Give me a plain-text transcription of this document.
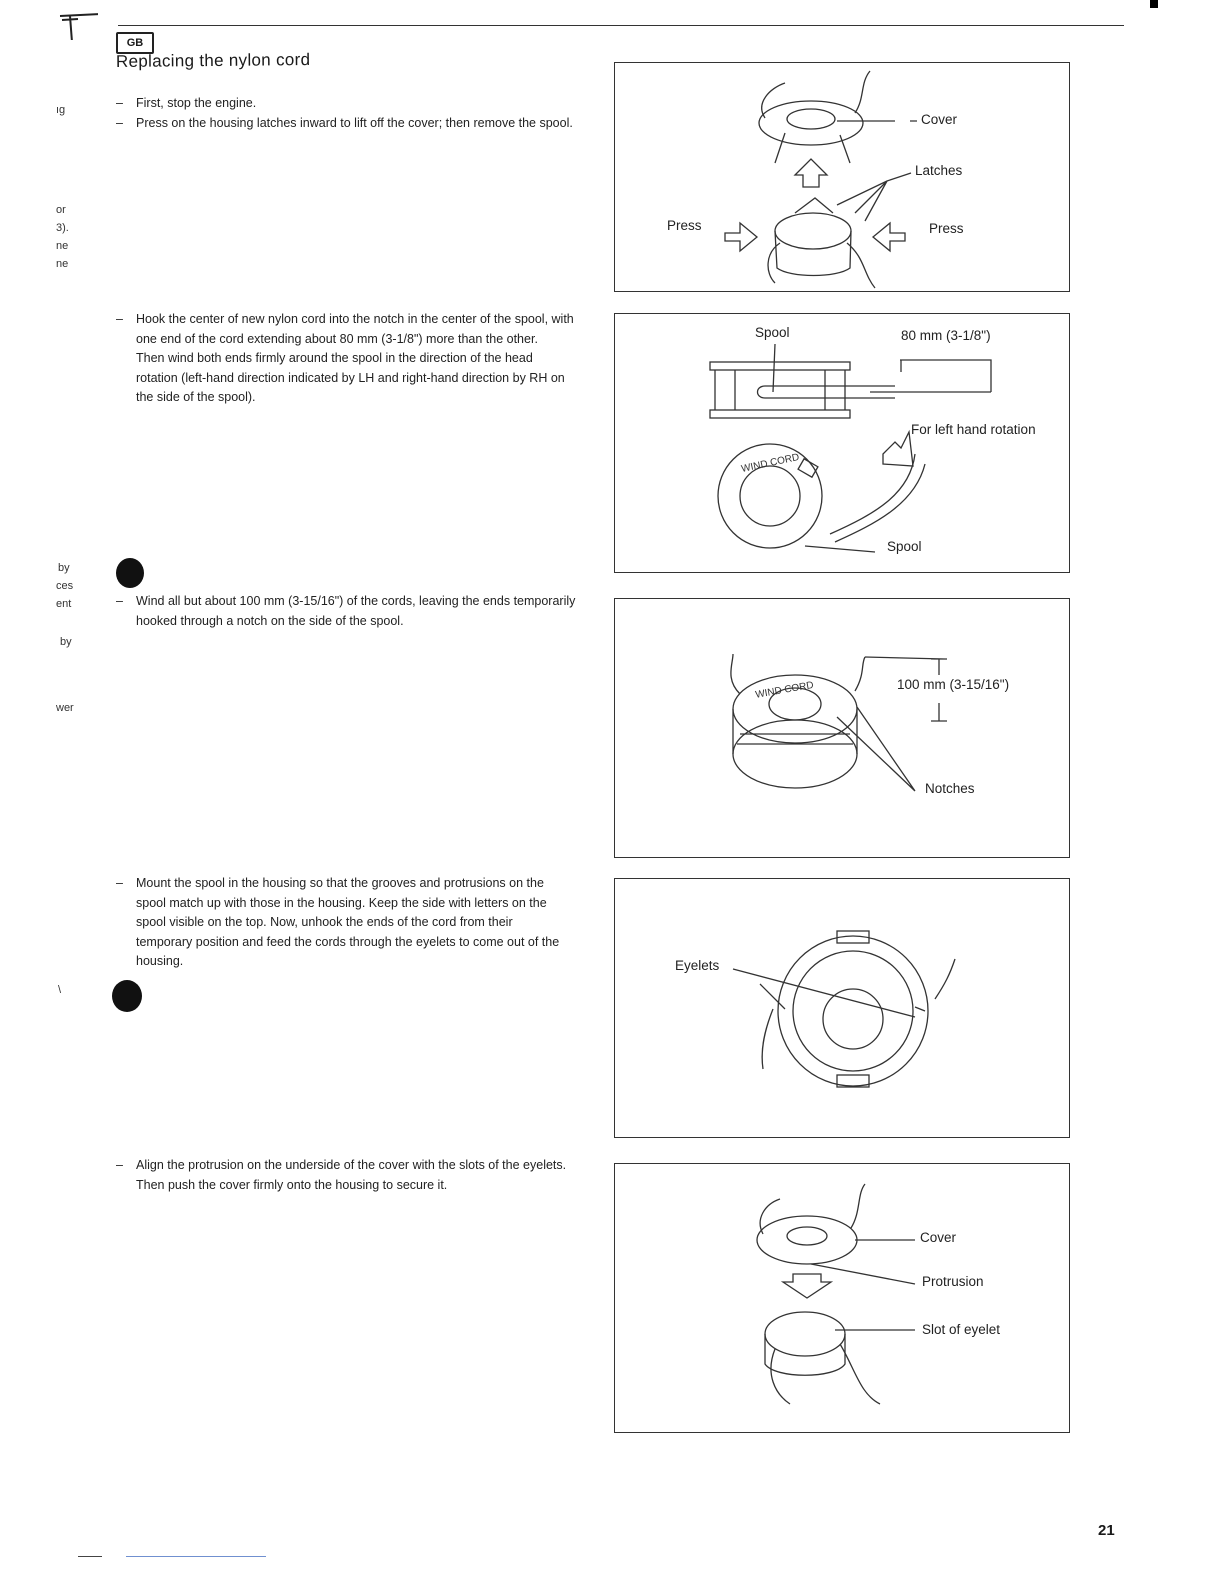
GB
Replacing the nylon cord
ıg
or
3).
ne
ne
by
ces
ent
by
wer
\
– First, stop the engine.
– Press on the housing latches inward to lift off the cover; then remove the spool.
– Hook the center of new nylon cord into the notch in the center of the spool, with one end of the cord extending about 80 mm (3-1/8") more than the other.
Then wind both ends firmly around the spool in the direction of the head rotation (left-hand direction indicated by LH and right-hand direction by RH on the side of the spool).
– Wind all but about 100 mm (3-15/16") of the cords, leaving the ends temporarily hooked through a notch on the side of the spool.
– Mount the spool in the housing so that the grooves and protrusions on the spool match up with those in the housing. Keep the side with letters on the spool visible on the top. Now, unhook the ends of the cord from their temporary position and feed the cords through the eyelets to come out of the housing.
– Align the protrusion on the underside of the cover with the slots of the eyelets. Then push the cover firmly onto the housing to secure it.
Cover
Latches
Press	Press
WIND CORD
Spool	80 mm (3-1/8")
For left hand rotation
Spool
WIND CORD	100 mm (3-15/16")
Notches
Eyelets
Cover
Protrusion
Slot of eyelet
21
